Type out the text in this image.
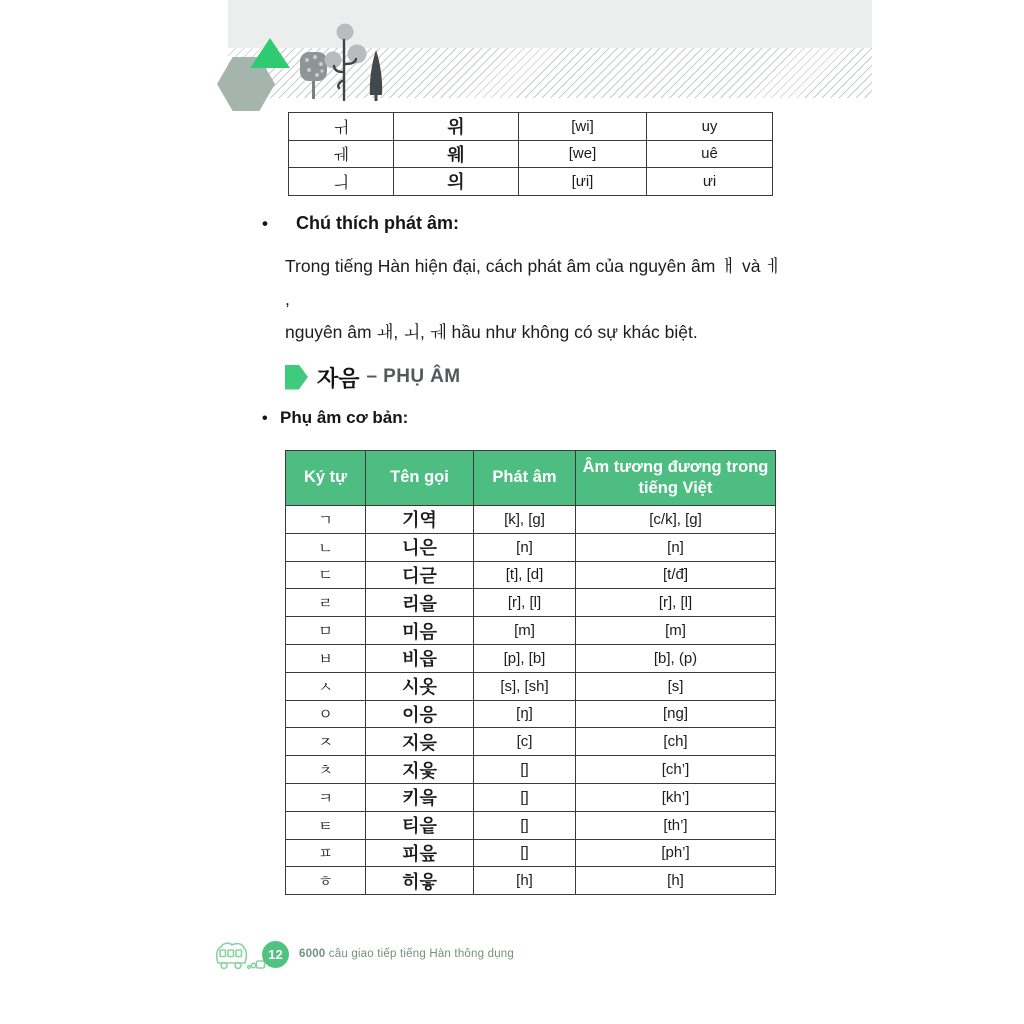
ㅟ	위	[wi]	uy
ㅞ	웨	[we]	uê
ㅢ	의	[ưi]	ưi
• Chú thích phát âm:
Trong tiếng Hàn hiện đại, cách phát âm của nguyên âm ㅐ và ㅔ ,
nguyên âm ㅙ, ㅚ, ㅞ hầu như không có sự khác biệt.
자음 – PHỤ ÂM
• Phụ âm cơ bản:
Ký tự	Tên gọi	Phát âm	Âm tương đương trong tiếng Việt
ㄱ	기역	[k], [g]	[c/k], [g]
ㄴ	니은	[n]	[n]
ㄷ	디귿	[t], [d]	[t/đ]
ㄹ	리을	[r], [l]	[r], [l]
ㅁ	미음	[m]	[m]
ㅂ	비읍	[p], [b]	[b], (p)
ㅅ	시옷	[s], [sh]	[s]
ㅇ	이응	[ŋ]	[ng]
ㅈ	지읒	[c]	[ch]
ㅊ	지읓	[]	[ch’]
ㅋ	키읔	[]	[kh’]
ㅌ	티읕	[]	[th’]
ㅍ	피읖	[]	[ph’]
ㅎ	히읗	[h]	[h]
12	6000 câu giao tiếp tiếng Hàn thông dụng
